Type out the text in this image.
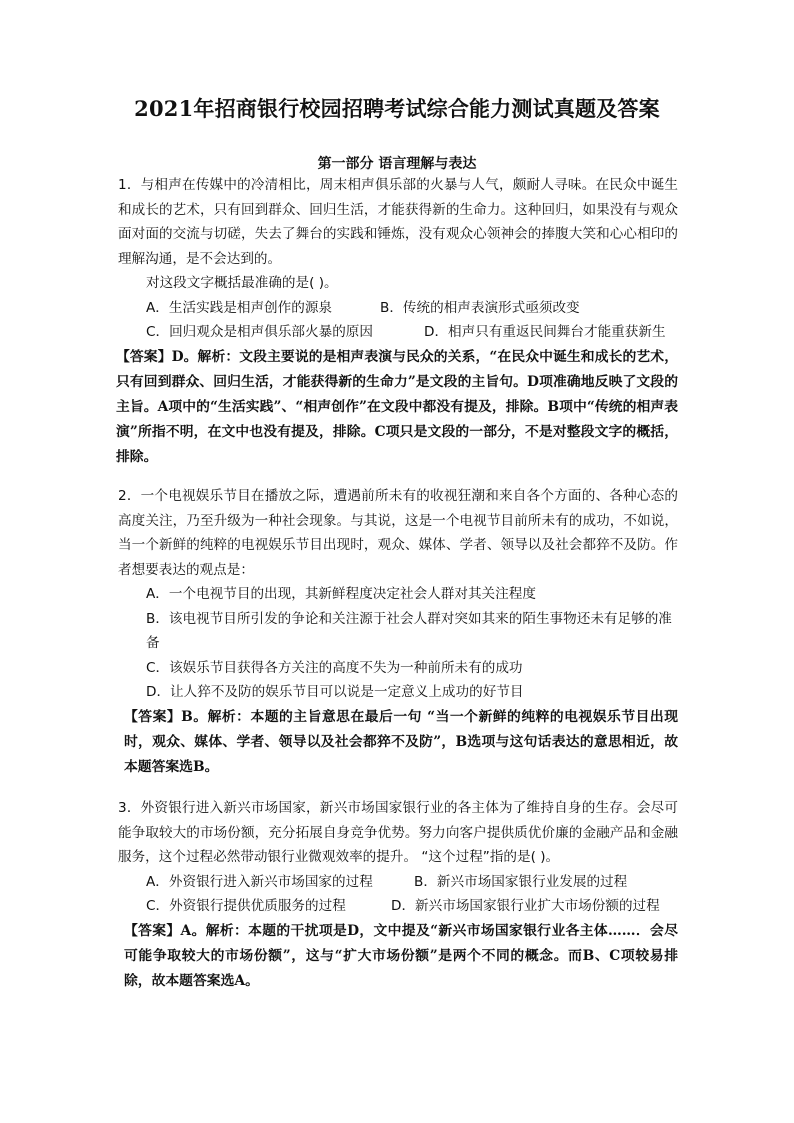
2021年招商银行校园招聘考试综合能力测试真题及答案
第一部分 语言理解与表达

1．与相声在传媒中的冷清相比，周末相声俱乐部的火暴与人气，颇耐人寻味。在民众中诞生和成长的艺术，只有回到群众、回归生活，才能获得新的生命力。这种回归，如果没有与观众面对面的交流与切磋，失去了舞台的实践和锤炼，没有观众心领神会的捧腹大笑和心心相印的理解沟通，是不会达到的。

对这段文字概括最准确的是( )。

A．生活实践是相声创作的源泉	B．传统的相声表演形式亟须改变
C．回归观众是相声俱乐部火暴的原因	D．相声只有重返民间舞台才能重获新生

【答案】D。解析：文段主要说的是相声表演与民众的关系，“在民众中诞生和成长的艺术，只有回到群众、回归生活，才能获得新的生命力”是文段的主旨句。D项准确地反映了文段的主旨。A项中的“生活实践”、“相声创作”在文段中都没有提及，排除。B项中“传统的相声表演”所指不明，在文中也没有提及，排除。C项只是文段的一部分，不是对整段文字的概括，排除。

2．一个电视娱乐节目在播放之际，遭遇前所未有的收视狂潮和来自各个方面的、各种心态的高度关注，乃至升级为一种社会现象。与其说，这是一个电视节目前所未有的成功，不如说，当一个新鲜的纯粹的电视娱乐节目出现时，观众、媒体、学者、领导以及社会都猝不及防。作者想要表达的观点是：

A．一个电视节目的出现，其新鲜程度决定社会人群对其关注程度

B．该电视节目所引发的争论和关注源于社会人群对突如其来的陌生事物还未有足够的准备

C．该娱乐节目获得各方关注的高度不失为一种前所未有的成功

D．让人猝不及防的娱乐节目可以说是一定意义上成功的好节目

【答案】B。解析：本题的主旨意思在最后一句 “当一个新鲜的纯粹的电视娱乐节目出现时，观众、媒体、学者、领导以及社会都猝不及防”，B选项与这句话表达的意思相近，故本题答案选B。

3．外资银行进入新兴市场国家，新兴市场国家银行业的各主体为了维持自身的生存。会尽可能争取较大的市场份额，充分拓展自身竞争优势。努力向客户提供质优价廉的金融产品和金融服务，这个过程必然带动银行业微观效率的提升。 “这个过程”指的是( )。

A．外资银行进入新兴市场国家的过程	B．新兴市场国家银行业发展的过程
C．外资银行提供优质服务的过程	D．新兴市场国家银行业扩大市场份额的过程

【答案】A。解析：本题的干扰项是D，文中提及“新兴市场国家银行业各主体……．会尽可能争取较大的市场份额”，这与“扩大市场份额”是两个不同的概念。而B、C项较易排除，故本题答案选A。
